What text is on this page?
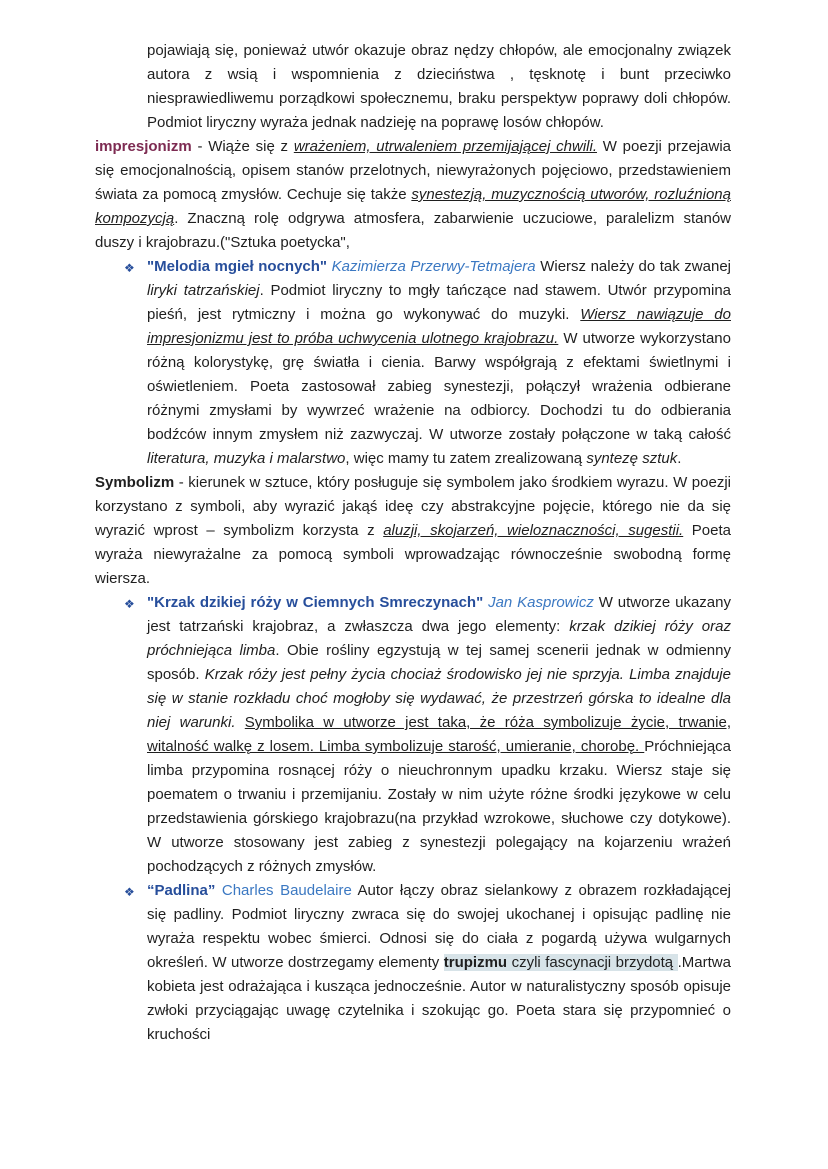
pojawiają się, ponieważ utwór okazuje obraz nędzy chłopów, ale emocjonalny związek autora z wsią i wspomnienia z dzieciństwa , tęsknotę i bunt przeciwko niesprawiedliwemu porządkowi społecznemu, braku perspektyw poprawy doli chłopów. Podmiot liryczny wyraża jednak nadzieję na poprawę losów chłopów.

impresjonizm - Wiąże się z wrażeniem, utrwaleniem przemijającej chwili. W poezji przejawia się emocjonalnością, opisem stanów przelotnych, niewyrażonych pojęciowo, przedstawieniem świata za pomocą zmysłów. Cechuje się także synestezją, muzycznością utworów, rozluźnioną kompozycją. Znaczną rolę odgrywa atmosfera, zabarwienie uczuciowe, paralelizm stanów duszy i krajobrazu.("Sztuka poetycka",

❖ "Melodia mgieł nocnych" Kazimierza Przerwy-Tetmajera Wiersz należy do tak zwanej liryki tatrzańskiej. Podmiot liryczny to mgły tańczące nad stawem. Utwór przypomina pieśń, jest rytmiczny i można go wykonywać do muzyki. Wiersz nawiązuje do impresjonizmu jest to próba uchwycenia ulotnego krajobrazu. W utworze wykorzystano różną kolorystykę, grę światła i cienia. Barwy współgrają z efektami świetlnymi i oświetleniem. Poeta zastosował zabieg synestezji, połączył wrażenia odbierane różnymi zmysłami by wywrzeć wrażenie na odbiorcy. Dochodzi tu do odbierania bodźców innym zmysłem niż zazwyczaj. W utworze zostały połączone w taką całość literatura, muzyka i malarstwo, więc mamy tu zatem zrealizowaną syntezę sztuk.

Symbolizm - kierunek w sztuce, który posługuje się symbolem jako środkiem wyrazu. W poezji korzystano z symboli, aby wyrazić jakąś ideę czy abstrakcyjne pojęcie, którego nie da się wyrazić wprost – symbolizm korzysta z aluzji, skojarzeń, wieloznaczności, sugestii. Poeta wyraża niewyrażalne za pomocą symboli wprowadzając równocześnie swobodną formę wiersza.

❖ "Krzak dzikiej róży w Ciemnych Smreczynach" Jan Kasprowicz W utworze ukazany jest tatrzański krajobraz, a zwłaszcza dwa jego elementy: krzak dzikiej róży oraz próchniejąca limba. Obie rośliny egzystują w tej samej scenerii jednak w odmienny sposób. Krzak róży jest pełny życia chociaż środowisko jej nie sprzyja. Limba znajduje się w stanie rozkładu choć mogłoby się wydawać, że przestrzeń górska to idealne dla niej warunki. Symbolika w utworze jest taka, że róża symbolizuje życie, trwanie, witalność walkę z losem. Limba symbolizuje starość, umieranie, chorobę. Próchniejąca limba przypomina rosnącej róży o nieuchronnym upadku krzaku. Wiersz staje się poematem o trwaniu i przemijaniu. Zostały w nim użyte różne środki językowe w celu przedstawienia górskiego krajobrazu(na przykład wzrokowe, słuchowe czy dotykowe). W utworze stosowany jest zabieg z synestezji polegający na kojarzeniu wrażeń pochodzących z różnych zmysłów.

❖ “Padlina” Charles Baudelaire Autor łączy obraz sielankowy z obrazem rozkładającej się padliny. Podmiot liryczny zwraca się do swojej ukochanej i opisując padlinę nie wyraża respektu wobec śmierci. Odnosi się do ciała z pogardą używa wulgarnych określeń. W utworze dostrzegamy elementy trupizmu czyli fascynacji brzydotą .Martwa kobieta jest odrażająca i kusząca jednocześnie. Autor w naturalistyczny sposób opisuje zwłoki przyciągając uwagę czytelnika i szokując go. Poeta stara się przypomnieć o kruchości
